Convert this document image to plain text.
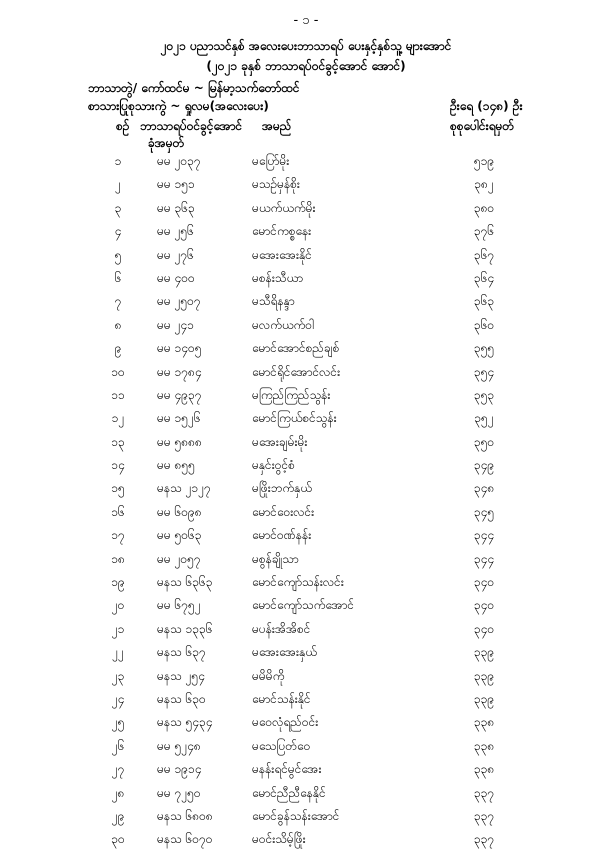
- ၁ -
၂၀၂၁ ပညာသင်နှစ် အလေးပေးဘာသာရပ် ပေးနှင့်နှစ်သူ့ များအောင်
(၂၀၂၁ ခုနှစ် ဘာသာရပ်ဝင်ခွင့်အောင် အောင်)
ဘာသာတွဲ/ ကော်ထင်မ ~ မြန်မာ့သက်တော်ထင်
စာသားပြုစုသားကွဲ ~ ရှုလမ(အလေးပေး)	ဦးရေ (၁၄၈) ဦး
စဉ် ဘာသာရပ်ဝင်ခွင့်အောင်
ခုံအမှတ်
အမည်	စုစုပေါင်းရမှတ်
၁	မမ ၂၀၃၇	မပြော်မိုး	၅၁၉
၂	မမ ၁၅၁	မသဉ်မှန်စိုး	၃၈၂
၃	မမ ၃၆၃	မယက်ယက်မိုး	၃၈၀
၄	မမ ၂၅၆	မောင်ကစ္စနေး	၃၇၆
၅	မမ ၂၇၆	မအေးအေးနိုင်	၃၆၇
၆	မမ ၄၀၀	မစန်းသီယာ	၃၆၄
၇	မမ ၂၅၀၇	မသီရိနန္ဒာ	၃၆၃
၈	မမ ၂၄၁	မလက်ယက်ဝါ	၃၆၀
၉	မမ ၁၄၀၅	မောင်အောင်စည်ချစ်	၃၅၅
၁၀	မမ ၁၇၈၄	မောင်ရိုင်အောင်လင်း	၃၅၄
၁၁	မမ ၄၉၃၇	မကြည်ကြည်သွန်း	၃၅၃
၁၂	မမ ၁၅၂၆	မောင်ကြယ်စင်သွန်း	၃၅၂
၁၃	မမ ၅၈၈၈	မအေးချမ်းမိုး	၃၅၀
၁၄	မမ ၈၅၅	မနှင်းဝွင့်စံ	၃၄၉
၁၅	မနသ ၂၁၂၇	မဖြိုးဘက်နှယ်	၃၄၈
၁၆	မမ ၆၀၉၈	မောင်ဝေးလင်း	၃၄၅
၁၇	မမ ၅၀၆၃	မောင်ဝဏ်နန်း	၃၄၄
၁၈	မမ ၂၀၅၇	မစွန်ချိုသာ	၃၄၄
၁၉	မနသ ၆၃၆၃	မောင်ကျော်သန်းလင်း	၃၄၀
၂၀	မမ ၆၇၅၂	မောင်ကျော်သက်အောင်	၃၄၀
၂၁	မနသ ၁၃၃၆	မပန်းအိအိစင်	၃၄၀
၂၂	မနသ ၆၃၇	မအေးအေးနှယ်	၃၃၉
၂၃	မနသ ၂၅၄	မမိမိကို	၃၃၉
၂၄	မနသ ၆၃၀	မောင်သန်းနိုင်	၃၃၉
၂၅	မနသ ၅၄၃၄	မဝေလုံရည်ဝင်း	၃၃၈
၂၆	မမ ၅၂၄၈	မသေပြတ်ဝေ	၃၃၈
၂၇	မမ ၁၉၁၄	မနန်းရင်မွင်အေး	၃၃၈
၂၈	မမ ၇၂၅၀	မောင်ညီညီနေနိုင်	၃၃၇
၂၉	မနသ ၆၈၀၈	မောင်ခွန်သန်းအောင်	၃၃၇
၃၀	မနသ ၆၀၇၀	မဝင်းသိမ့်ဖြိုး	၃၃၇
